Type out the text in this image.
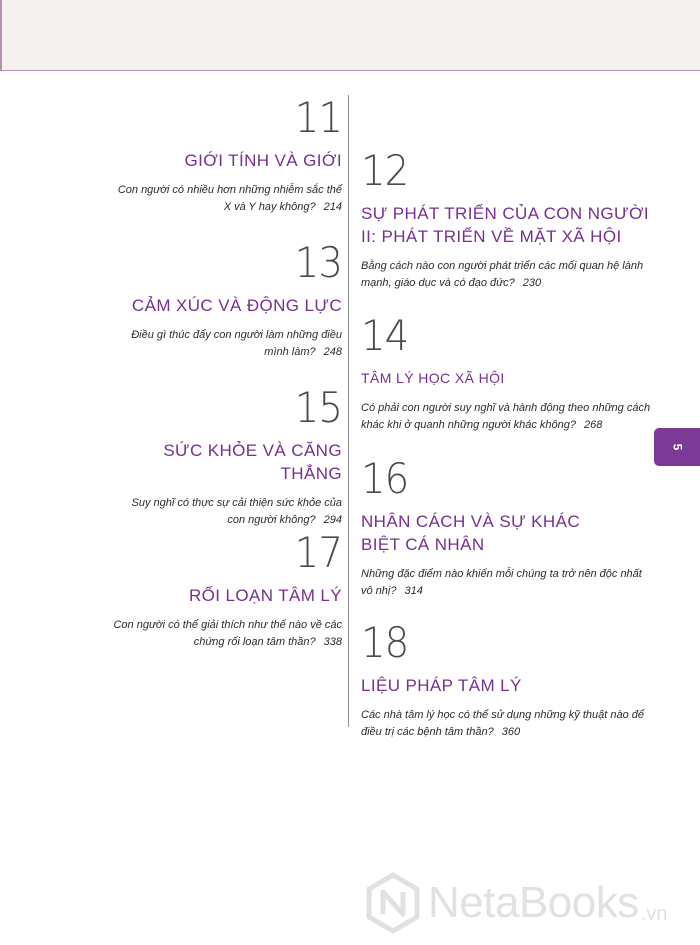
11
GIỚI TÍNH VÀ GIỚI
Con người có nhiều hơn những nhiễm sắc thể X và Y hay không? 214
12
SỰ PHÁT TRIỂN CỦA CON NGƯỜI II: PHÁT TRIỂN VỀ MẶT XÃ HỘI
Bằng cách nào con người phát triển các mối quan hệ lành mạnh, giáo dục và có đạo đức? 230
13
CẢM XÚC VÀ ĐỘNG LỰC
Điều gì thúc đẩy con người làm những điều mình làm? 248 14
TÂM LÝ HỌC XÃ HỘI
Có phải con người suy nghĩ và hành động theo những cách khác khi ở quanh những người khác không? 268
15
SỨC KHỎE VÀ CĂNG THẲNG
Suy nghĩ có thực sự cải thiện sức khỏe của con người không? 294
16
NHÂN CÁCH VÀ SỰ KHÁC BIỆT CÁ NHÂN
Những đặc điểm nào khiến mỗi chúng ta trở nên độc nhất vô nhị? 314
17
RỐI LOẠN TÂM LÝ
Con người có thể giải thích như thế nào về các chứng rối loạn tâm thần? 338 18
LIỆU PHÁP TÂM LÝ
Các nhà tâm lý học có thể sử dụng những kỹ thuật nào để điều trị các bệnh tâm thần? 360
5
NetaBooks .vn
